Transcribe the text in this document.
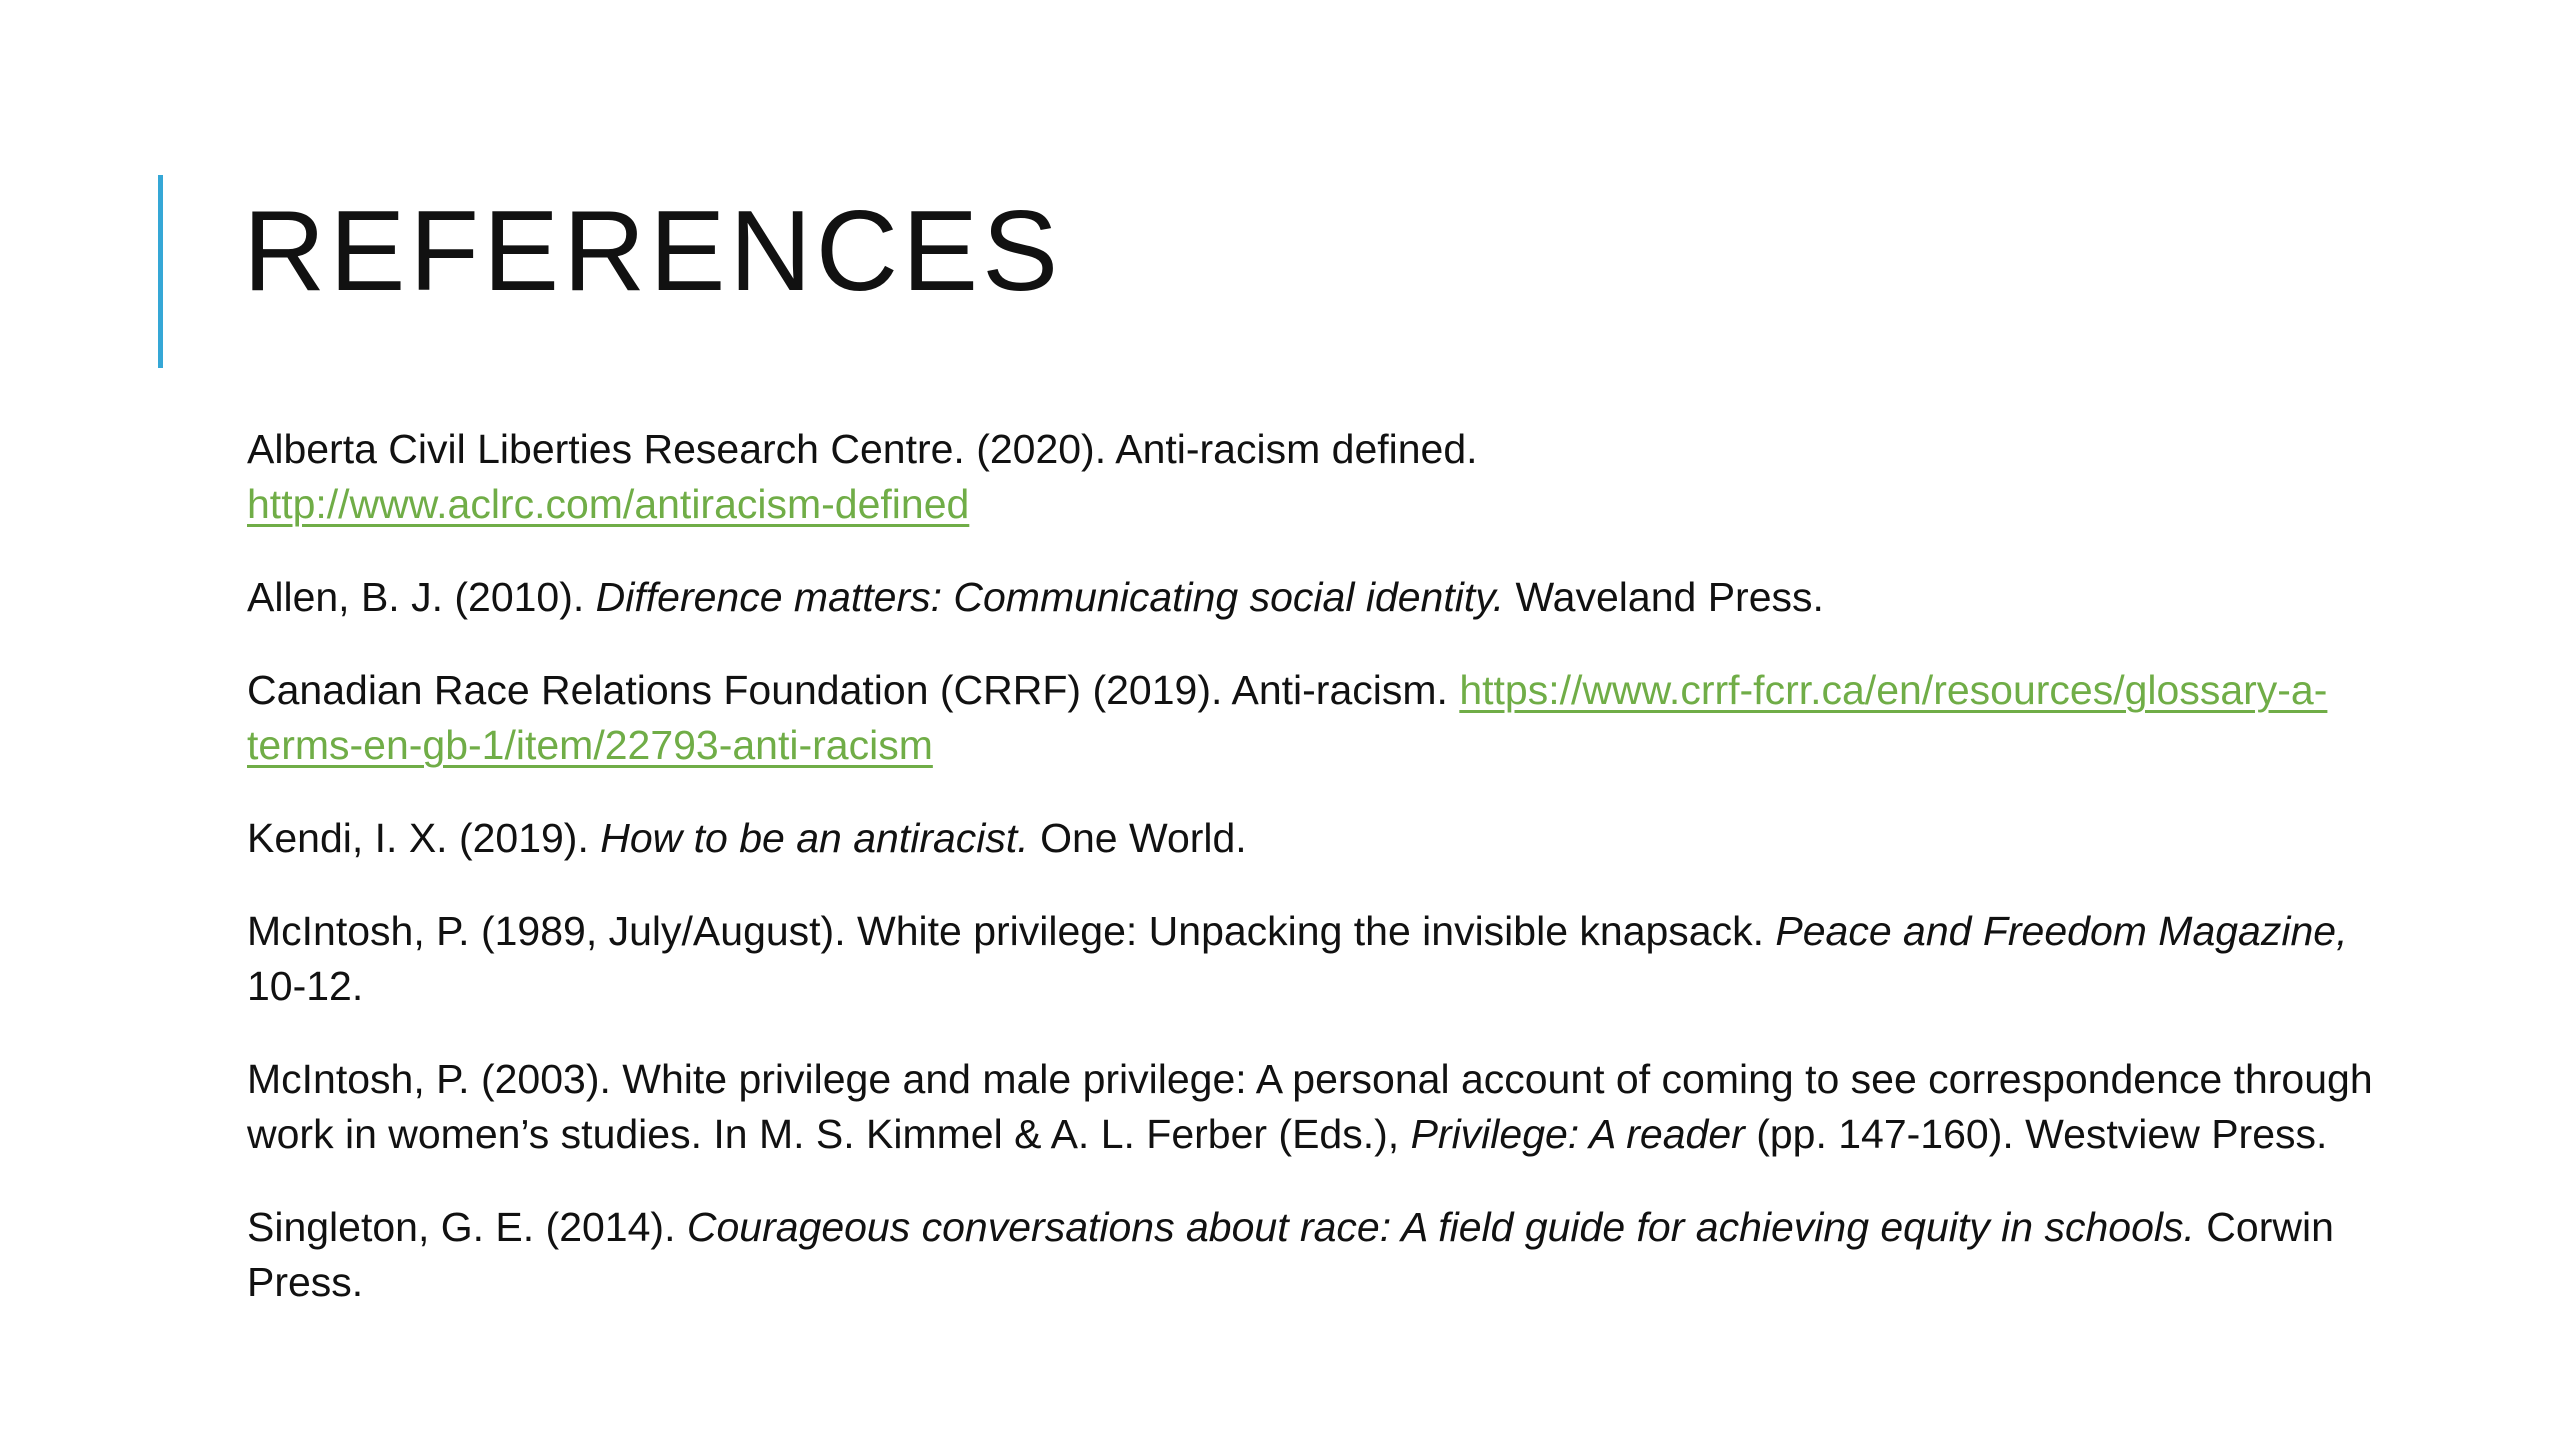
REFERENCES
Alberta Civil Liberties Research Centre. (2020). Anti-racism defined.
http://www.aclrc.com/antiracism-defined
Allen, B. J. (2010). Difference matters: Communicating social identity. Waveland Press.
Canadian Race Relations Foundation (CRRF) (2019). Anti-racism. https://www.crrf-fcrr.ca/en/resources/glossary-a-terms-en-gb-1/item/22793-anti-racism
Kendi, I. X. (2019). How to be an antiracist. One World.
McIntosh, P. (1989, July/August). White privilege: Unpacking the invisible knapsack. Peace and Freedom Magazine, 10-12.
McIntosh, P. (2003). White privilege and male privilege: A personal account of coming to see correspondence through work in women’s studies. In M. S. Kimmel & A. L. Ferber (Eds.), Privilege: A reader (pp. 147-160). Westview Press.
Singleton, G. E. (2014). Courageous conversations about race: A field guide for achieving equity in schools. Corwin Press.
